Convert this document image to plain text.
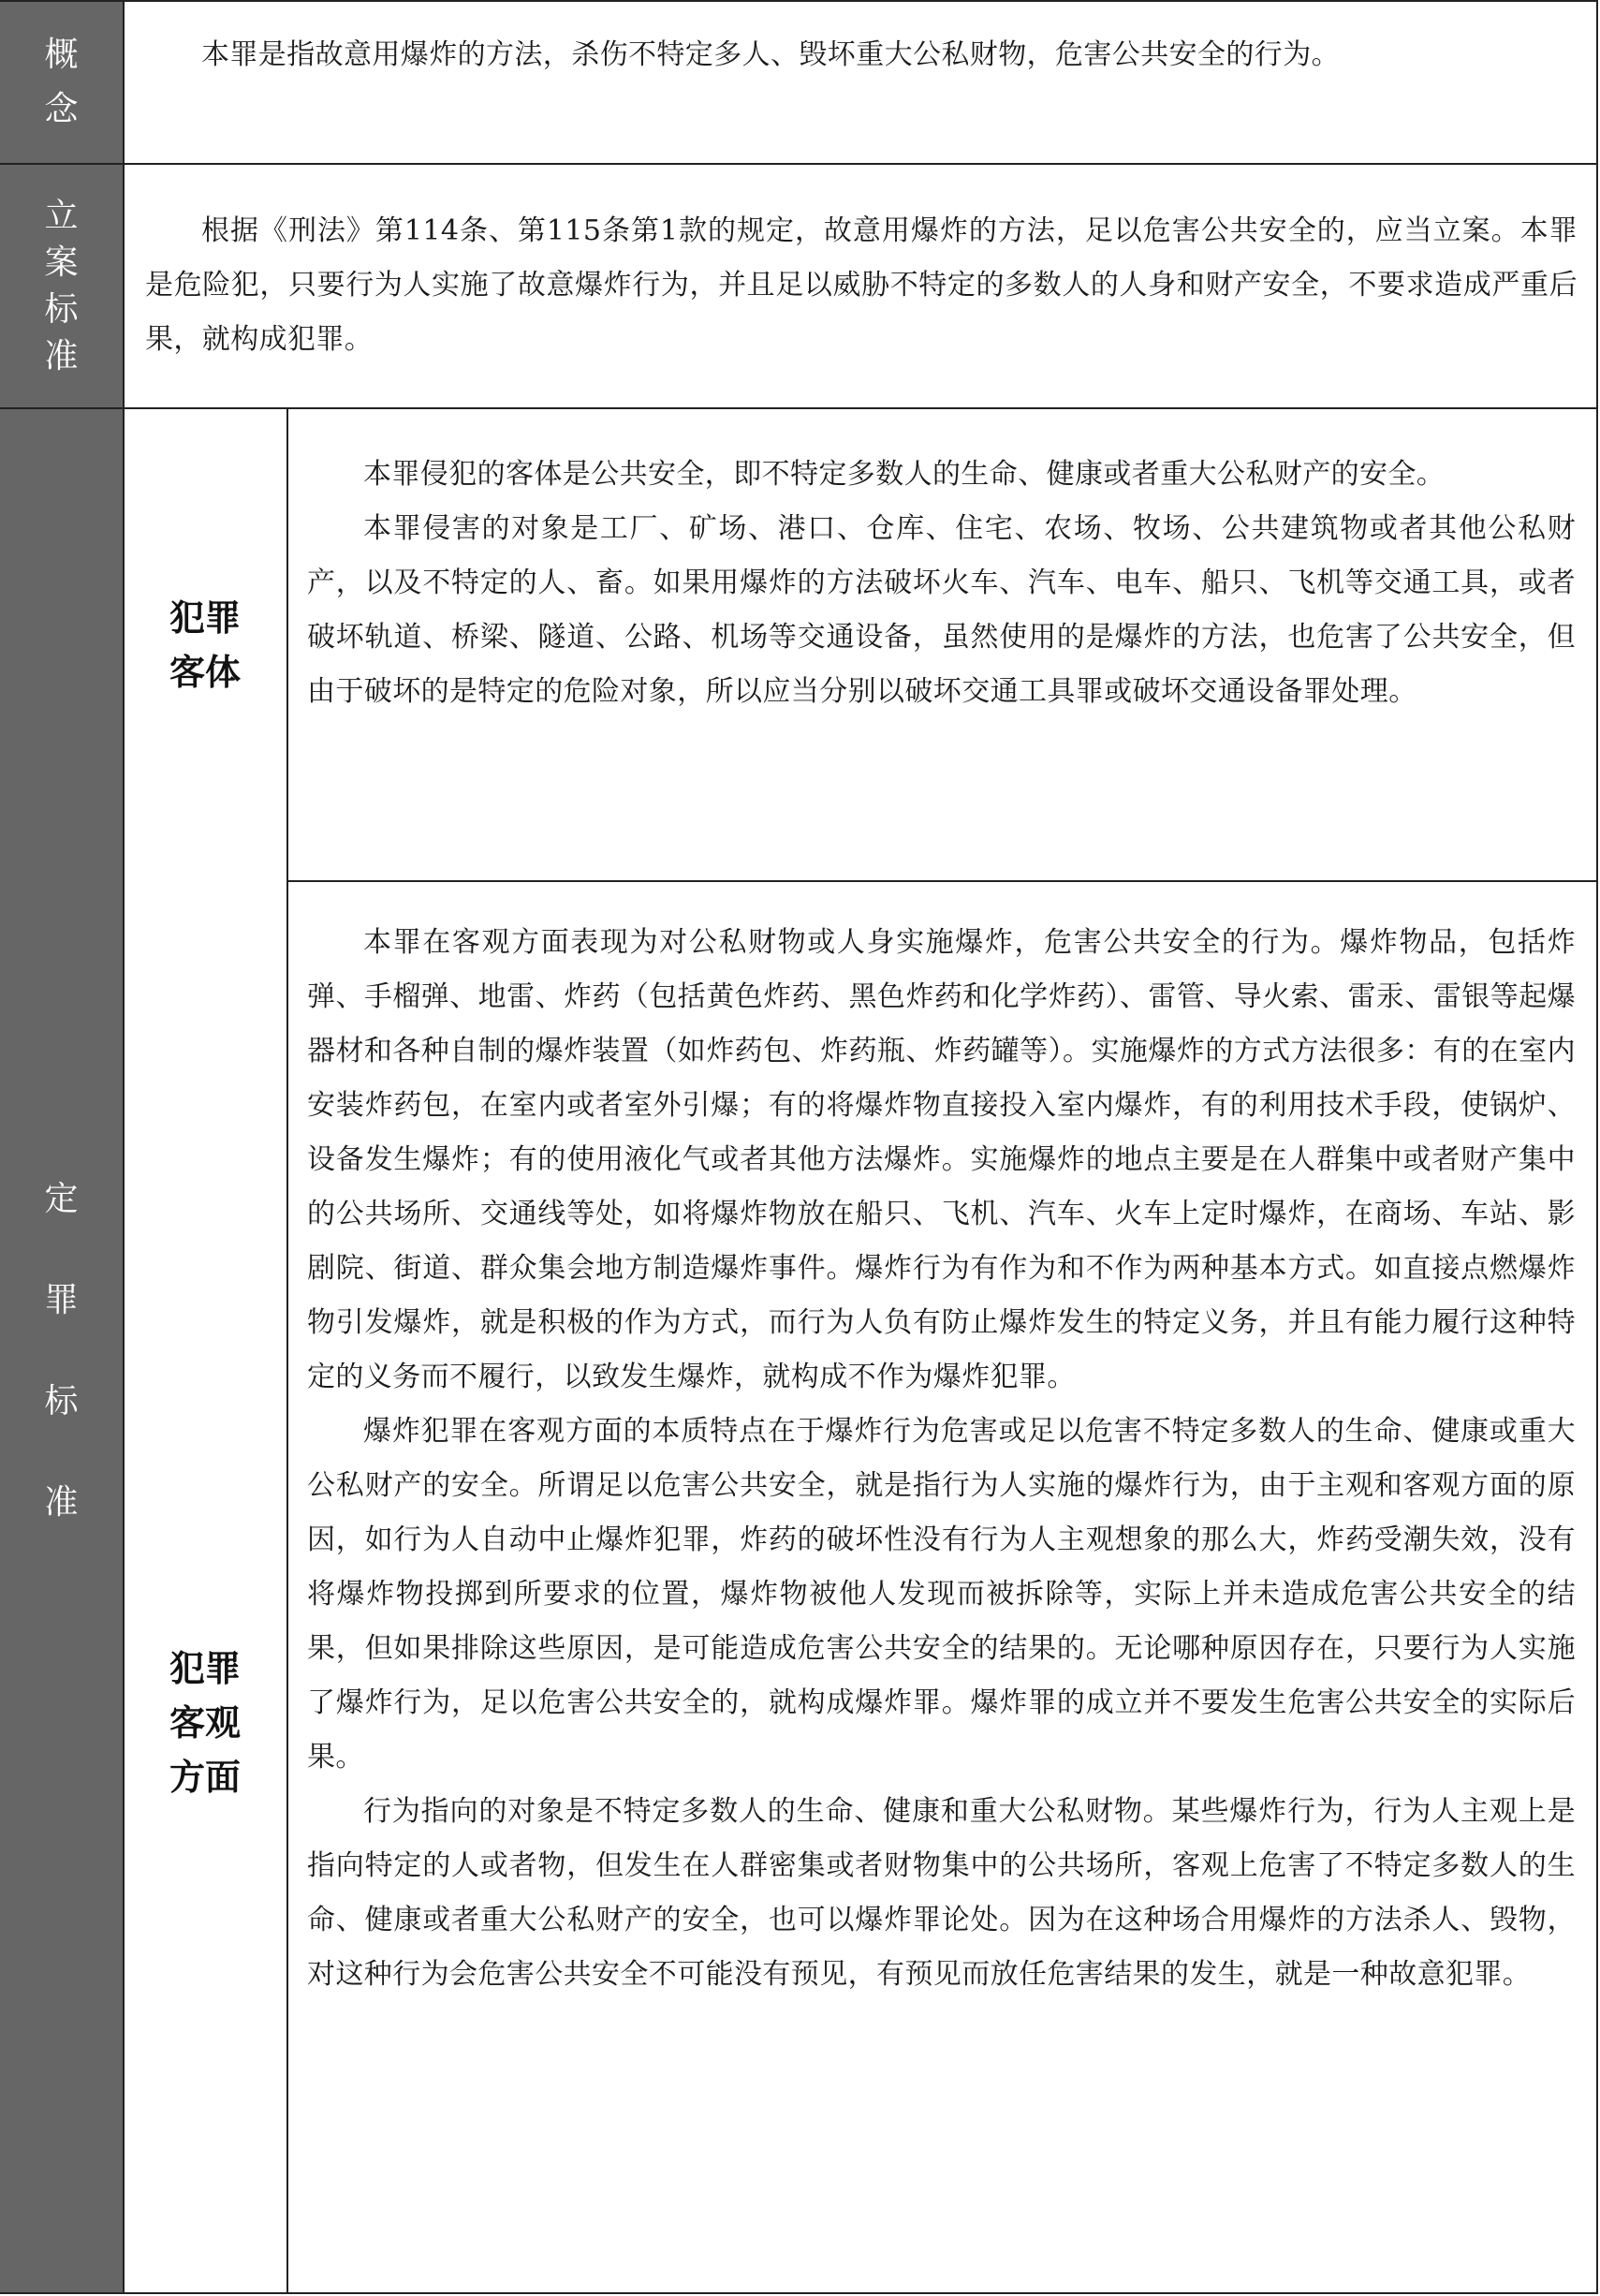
概
念

本罪是指故意用爆炸的方法，杀伤不特定多人、毁坏重大公私财物，危害公共安全的行为。

立
案
标
准

根据《刑法》第114条、第115条第1款的规定，故意用爆炸的方法，足以危害公共安全的，应当立案。本罪是危险犯，只要行为人实施了故意爆炸行为，并且足以威胁不特定的多数人的人身和财产安全，不要求造成严重后果，就构成犯罪。

定
罪
标
准
犯罪
客体

本罪侵犯的客体是公共安全，即不特定多数人的生命、健康或者重大公私财产的安全。

本罪侵害的对象是工厂、矿场、港口、仓库、住宅、农场、牧场、公共建筑物或者其他公私财产，以及不特定的人、畜。如果用爆炸的方法破坏火车、汽车、电车、船只、飞机等交通工具，或者破坏轨道、桥梁、隧道、公路、机场等交通设备，虽然使用的是爆炸的方法，也危害了公共安全，但由于破坏的是特定的危险对象，所以应当分别以破坏交通工具罪或破坏交通设备罪处理。

犯罪
客观
方面

本罪在客观方面表现为对公私财物或人身实施爆炸，危害公共安全的行为。爆炸物品，包括炸弹、手榴弹、地雷、炸药（包括黄色炸药、黑色炸药和化学炸药）、雷管、导火索、雷汞、雷银等起爆器材和各种自制的爆炸装置（如炸药包、炸药瓶、炸药罐等）。实施爆炸的方式方法很多：有的在室内安装炸药包，在室内或者室外引爆；有的将爆炸物直接投入室内爆炸，有的利用技术手段，使锅炉、设备发生爆炸；有的使用液化气或者其他方法爆炸。实施爆炸的地点主要是在人群集中或者财产集中的公共场所、交通线等处，如将爆炸物放在船只、飞机、汽车、火车上定时爆炸，在商场、车站、影剧院、街道、群众集会地方制造爆炸事件。爆炸行为有作为和不作为两种基本方式。如直接点燃爆炸物引发爆炸，就是积极的作为方式，而行为人负有防止爆炸发生的特定义务，并且有能力履行这种特定的义务而不履行，以致发生爆炸，就构成不作为爆炸犯罪。

爆炸犯罪在客观方面的本质特点在于爆炸行为危害或足以危害不特定多数人的生命、健康或重大公私财产的安全。所谓足以危害公共安全，就是指行为人实施的爆炸行为，由于主观和客观方面的原因，如行为人自动中止爆炸犯罪，炸药的破坏性没有行为人主观想象的那么大，炸药受潮失效，没有将爆炸物投掷到所要求的位置，爆炸物被他人发现而被拆除等，实际上并未造成危害公共安全的结果，但如果排除这些原因，是可能造成危害公共安全的结果的。无论哪种原因存在，只要行为人实施了爆炸行为，足以危害公共安全的，就构成爆炸罪。爆炸罪的成立并不要发生危害公共安全的实际后果。

行为指向的对象是不特定多数人的生命、健康和重大公私财物。某些爆炸行为，行为人主观上是指向特定的人或者物，但发生在人群密集或者财物集中的公共场所，客观上危害了不特定多数人的生命、健康或者重大公私财产的安全，也可以爆炸罪论处。因为在这种场合用爆炸的方法杀人、毁物，对这种行为会危害公共安全不可能没有预见，有预见而放任危害结果的发生，就是一种故意犯罪。
